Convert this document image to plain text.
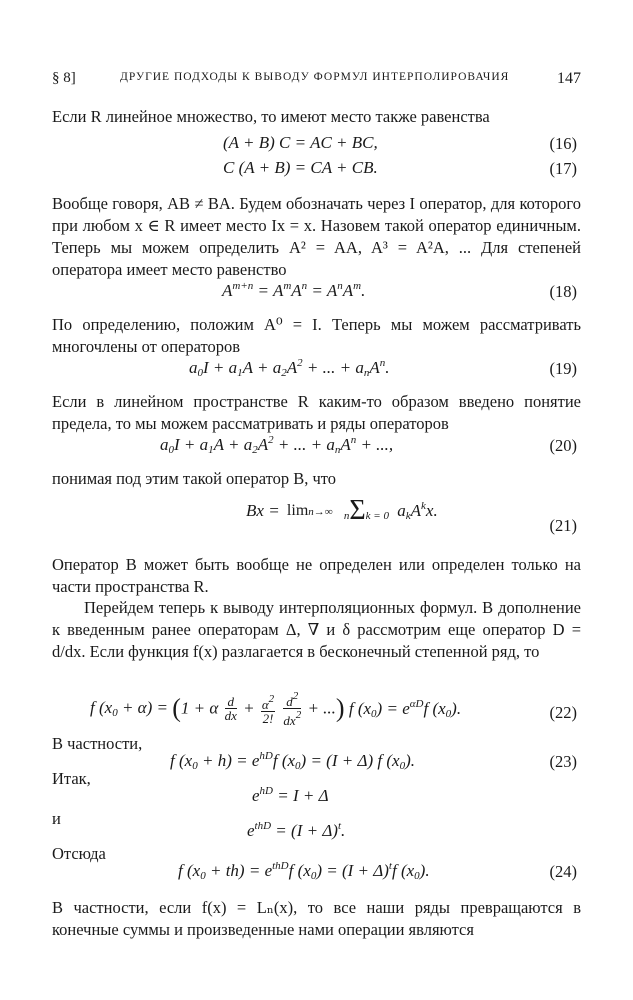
§ 8]	ДРУГИЕ ПОДХОДЫ К ВЫВОДУ ФОРМУЛ ИНТЕРПОЛИРОВАЧИЯ	147

Если R линейное множество, то имеют место также равенства

(A + B) C = AC + BC,	(16)
C (A + B) = CA + CB.	(17)

Вообще говоря, AB ≠ BA. Будем обозначать через I оператор, для которого при любом x ∈ R имеет место Ix = x. Назовем такой оператор единичным. Теперь мы можем определить A² = AA, A³ = A²A, ... Для степеней оператора имеет место равенство

$A^{m+n} = A^mA^n = A^nA^m$.	(18)

По определению, положим A⁰ = I. Теперь мы можем рассматривать многочлены от операторов

$a_0I + a_1A + a_2A^2$ + ... + $a_nA^n$.	(19)

Если в линейном пространстве R каким-то образом введено понятие предела, то мы можем рассматривать и ряды операторов

$a_0I + a_1A + a_2A^2$ + ... + $a_nA^n$ + ...,	(20)

понимая под этим такой оператор B, что

Bx = limn→∞ nΣk = 0 $a_kA^kx$.
(21)

Оператор B может быть вообще не определен или определен только на части пространства R.

Перейдем теперь к выводу интерполяционных формул. В дополнение к введенным ранее операторам Δ, ∇ и δ рассмотрим еще оператор D = d/dx. Если функция f(x) разлагается в бесконечный степенной ряд, то

f $(x_0 + \alpha) = (1 + \alpha \frac{d}{dx} + \frac{\alpha^2}{2!}$
$\frac{d^2}{dx^2}$ + ...) f $(x_0) = e^{\alpha D}f$ $(x_0)$.	(22)

В частности,

f $(x_0 + h) = e^{hD}f$ $(x_0) = (I + \Delta)$ f $(x_0)$.	(23)

Итак,

$e^{hD} = I + \Delta$

и

$e^{thD} = (I + \Delta)^t$.

Отсюда

f $(x_0 + th) = e^{thD}f$ $(x_0) = (I + \Delta)^tf$ $(x_0)$.	(24)

В частности, если f(x) = Lₙ(x), то все наши ряды превращаются в конечные суммы и произведенные нами операции являются
